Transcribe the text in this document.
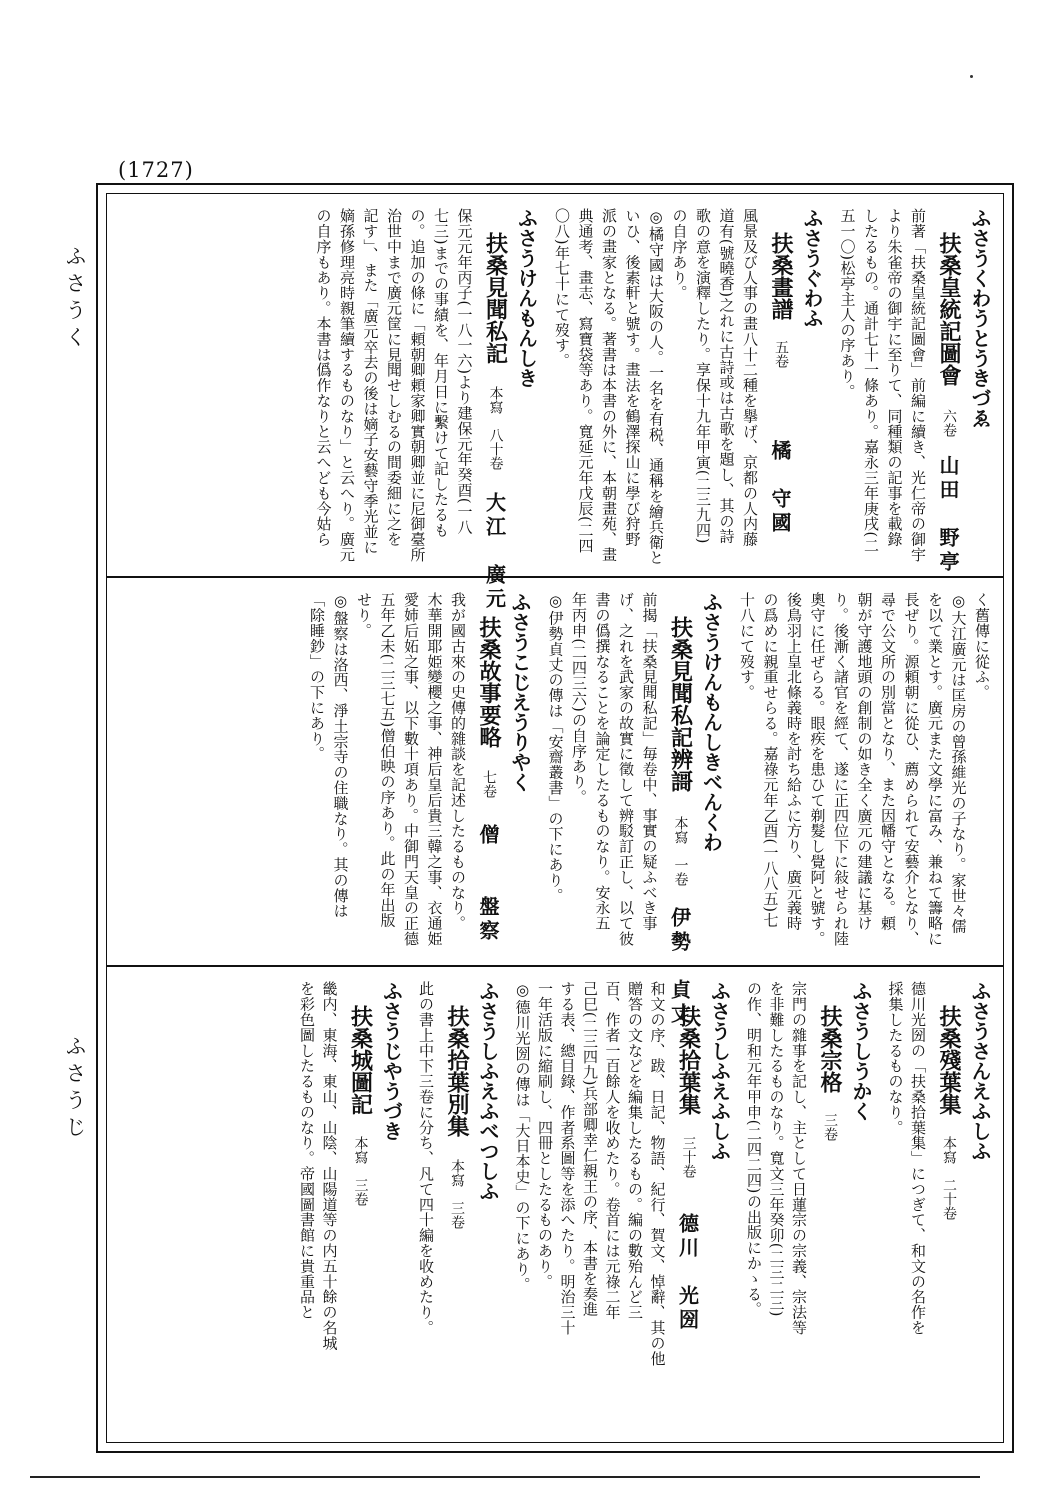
(1727)
ふさうく
ふさうじ
ふさうくわうとうきづゑ
扶桑皇統記圖會
六卷
山田　野亭
前著「扶桑皇統記圖會」前編に續き、光仁帝の御宇
より朱雀帝の御宇に至りて、同種類の記事を載錄
したるもの。通計七十一條あり。嘉永三年庚戌(二
五一〇)松亭主人の序あり。
ふさうぐわふ
扶桑畫譜
五卷
橘　守國
風景及び人事の畫八十二種を擧げ、京都の人内藤
道有(號曉香)之れに古詩或は古歌を題し、其の詩
歌の意を演釋したり。享保十九年甲寅(二三九四)
の自序あり。
◎橘守國は大阪の人。一名を有税、通稱を繪兵衛と
いひ、後素軒と號す。畫法を鶴澤探山に學び狩野
派の畫家となる。著書は本書の外に、本朝畫苑、畫
典通考、畫志、寫寶袋等あり。寬延元年戊辰(二四
〇八)年七十にて歿す。
ふさうけんもんしき
扶桑見聞私記
本寫　八十卷
大江　廣元
保元元年丙子(一八一六)より建保元年癸酉(一八
七三)までの事績を、年月日に繫けて記したるも
の。追加の條に「頼朝卿頼家卿實朝卿並に尼御臺所
治世中まで廣元筐に見聞せしむるの間委細に之を
記す」、また「廣元卒去の後は嫡子安藝守季光並に
嫡孫修理亮時親筆續するものなり」と云へり。廣元
の自序もあり。本書は僞作なりと云へども今姑ら
く舊傳に從ふ。
◎大江廣元は匡房の曾孫維光の子なり。家世々儒
を以て業とす。廣元また文學に富み、兼ねて籌略に
長ぜり。源頼朝に從ひ、薦められて安藝介となり、
尋で公文所の別當となり、また因幡守となる。頼
朝が守護地頭の創制の如き全く廣元の建議に基け
り。後漸く諸官を經て、遂に正四位下に敍せられ陸
奧守に任ぜらる。眼疾を患ひて剃髮し覺阿と號す。
後鳥羽上皇北條義時を討ち給ふに方り、廣元義時
の爲めに親重せらる。嘉祿元年乙酉(一八八五)七
十八にて歿す。
ふさうけんもんしきべんくわ
扶桑見聞私記辨謌
本寫　一卷
伊勢　貞丈
前揭「扶桑見聞私記」毎卷中、事實の疑ふべき事
げ、之れを武家の故實に徵して辨駁訂正し、以て彼
書の僞撰なることを論定したるものなり。安永五
年丙申(二四三六)の自序あり。
◎伊勢貞丈の傳は「安齋叢書」の下にあり。
ふさうこじえうりやく
扶桑故事要略
七卷
僧　　盤察
我が國古來の史傳的雜談を記述したるものなり。
木華開耶姫變櫻之事、神后皇后貴三韓之事、衣通姫
愛姉后妬之事、以下數十項あり。中御門天皇の正德
五年乙未(二三七五)僧伯映の序あり。此の年出版
せり。
◎盤察は洛西、淨土宗寺の住職なり。其の傳は
「除睡鈔」の下にあり。
ふさうさんえふしふ
扶桑殘葉集
本寫　二十卷
德川光圀の「扶桑拾葉集」につぎて、和文の名作を
採集したるものなり。
ふさうしうかく
扶桑宗格
三卷
宗門の雜事を記し、主として日蓮宗の宗義、宗法等
を非難したるものなり。寬文三年癸卯(二三二三)
の作、明和元年甲申(二四二四)の出版にかゝる。
ふさうしふえふしふ
扶桑拾葉集
三十卷
德川　光圀
和文の序、跋、日記、物語、紀行、賀文、悼辭、其の他
贈答の文などを編集したるもの。編の數殆んど三
百、作者一百餘人を收めたり。卷首には元祿二年
己巳(二三四九)兵部卿幸仁親王の序、本書を奏進
する表、總目錄、作者系圖等を添へたり。明治三十
一年活版に縮刷し、四冊としたるものあり。
◎德川光圀の傳は「大日本史」の下にあり。
ふさうしふえふべつしふ
扶桑拾葉別集
本寫　三卷
此の書上中下三卷に分ち、凡て四十編を收めたり。
ふさうじやうづき
扶桑城圖記
本寫　三卷
畿内、東海、東山、山陰、山陽道等の内五十餘の名城
を彩色圖したるものなり。帝國圖書館に貴重品と
